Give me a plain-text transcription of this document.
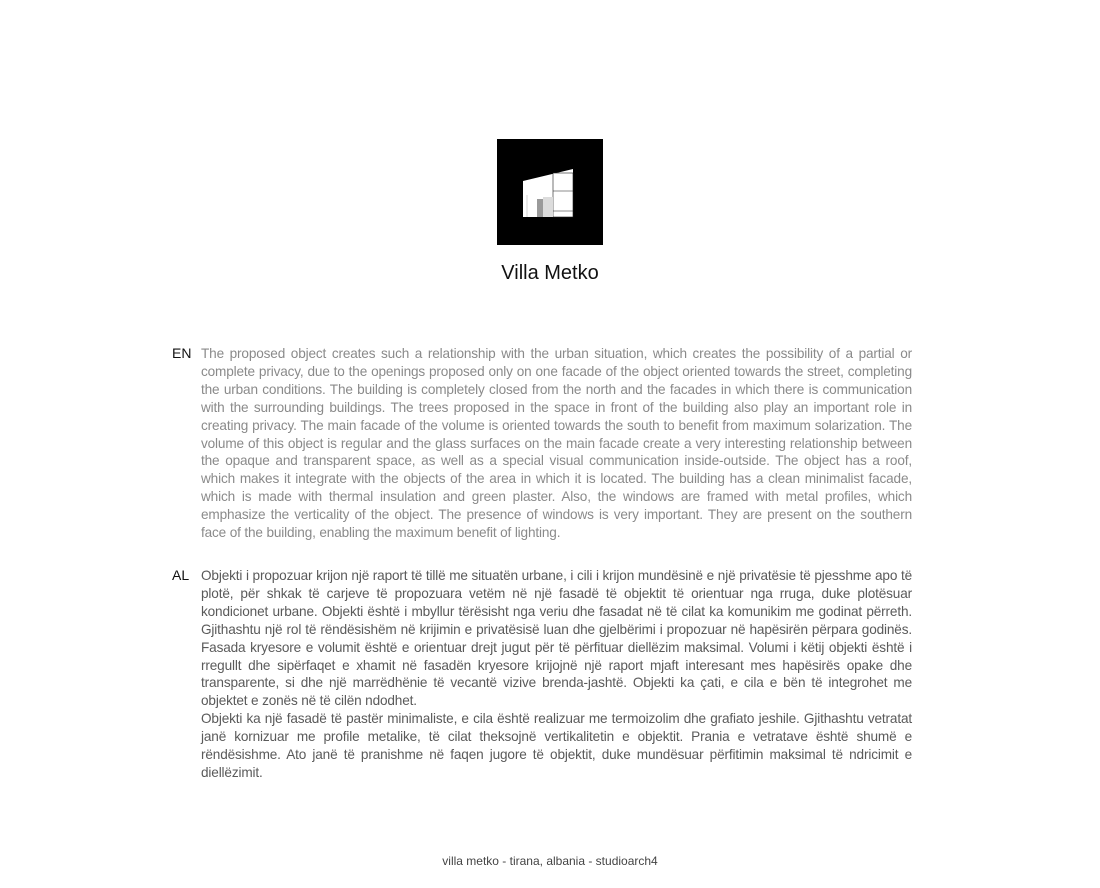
Villa Metko
EN The proposed object creates such a relationship with the urban situation, which creates the possibility of a partial or complete privacy, due to the openings proposed only on one facade of the object oriented towards the street, completing the urban conditions. The building is completely closed from the north and the facades in which there is communication with the surrounding buildings. The trees proposed in the space in front of the building also play an important role in creating privacy. The main facade of the volume is oriented towards the south to benefit from maximum solarization. The volume of this object is regular and the glass surfaces on the main facade create a very interesting relationship between the opaque and transparent space, as well as a special visual communication inside-outside. The object has a roof, which makes it integrate with the objects of the area in which it is located. The building has a clean minimalist facade, which is made with thermal insulation and green plaster. Also, the windows are framed with metal profiles, which emphasize the verticality of the object. The presence of windows is very important. They are present on the southern face of the building, enabling the maximum benefit of lighting.
AL Objekti i propozuar krijon një raport të tillë me situatën urbane, i cili i krijon mundësinë e një privatësie të pjesshme apo të plotë, për shkak të carjeve të propozuara vetëm në një fasadë të objektit të orientuar nga rruga, duke plotësuar kondicionet urbane. Objekti është i mbyllur tërësisht nga veriu dhe fasadat në të cilat ka komunikim me godinat përreth. Gjithashtu një rol të rëndësishëm në krijimin e privatësisë luan dhe gjelbërimi i propozuar në hapësirën përpara godinës. Fasada kryesore e volumit është e orientuar drejt jugut për të përfituar diellëzim maksimal. Volumi i këtij objekti është i rregullt dhe sipërfaqet e xhamit në fasadën kryesore krijojnë një raport mjaft interesant mes hapësirës opake dhe transparente, si dhe një marrëdhënie të vecantë vizive brenda-jashtë. Objekti ka çati, e cila e bën të integrohet me objektet e zonës në të cilën ndodhet.

Objekti ka një fasadë të pastër minimaliste, e cila është realizuar me termoizolim dhe grafiato jeshile. Gjithashtu vetratat janë kornizuar me profile metalike, të cilat theksojnë vertikalitetin e objektit. Prania e vetratave është shumë e rëndësishme. Ato janë të pranishme në faqen jugore të objektit, duke mundësuar përfitimin maksimal të ndricimit e diellëzimit.

villa metko - tirana, albania - studioarch4
